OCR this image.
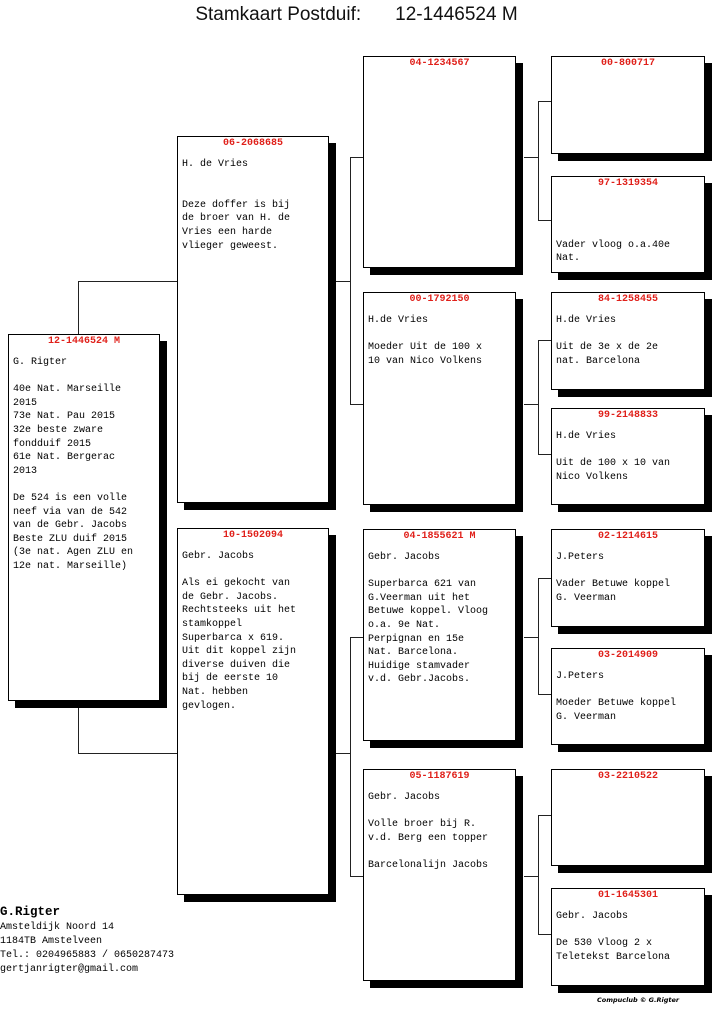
Stamkaart Postduif: 12-1446524 M
12-1446524 M
G. Rigter

40e Nat. Marseille
2015
73e Nat. Pau 2015
32e beste zware
fondduif 2015
61e Nat. Bergerac
2013

De 524 is een volle
neef via van de 542
van de Gebr. Jacobs
Beste ZLU duif 2015
(3e nat. Agen ZLU en
12e nat. Marseille)
06-2068685
H. de Vries

Deze doffer is bij
de broer van H. de
Vries een harde
vlieger geweest.
10-1502094
Gebr. Jacobs

Als ei gekocht van
de Gebr. Jacobs.
Rechtsteeks uit het
stamkoppel
Superbarca x 619.
Uit dit koppel zijn
diverse duiven die
bij de eerste 10
Nat. hebben
gevlogen.
04-1234567
00-1792150
H.de Vries

Moeder Uit de 100 x
10 van Nico Volkens
04-1855621 M
Gebr. Jacobs

Superbarca 621 van
G.Veerman uit het
Betuwe koppel. Vloog
o.a. 9e Nat.
Perpignan en 15e
Nat. Barcelona.
Huidige stamvader
v.d. Gebr.Jacobs.
05-1187619
Gebr. Jacobs

Volle broer bij R.
v.d. Berg een topper

Barcelonalijn Jacobs
00-800717
97-1319354

Vader vloog o.a.40e
Nat.
84-1258455
H.de Vries

Uit de 3e x de 2e
nat. Barcelona
99-2148833
H.de Vries

Uit de 100 x 10 van
Nico Volkens
02-1214615
J.Peters

Vader Betuwe koppel
G. Veerman
03-2014909
J.Peters

Moeder Betuwe koppel
G. Veerman
03-2210522
01-1645301
Gebr. Jacobs

De 530 Vloog 2 x
Teletekst Barcelona
G.Rigter
Amsteldijk Noord 14
1184TB Amstelveen
Tel.: 0204965883 / 0650287473
gertjanrigter@gmail.com
Compuclub © G.Rigter
